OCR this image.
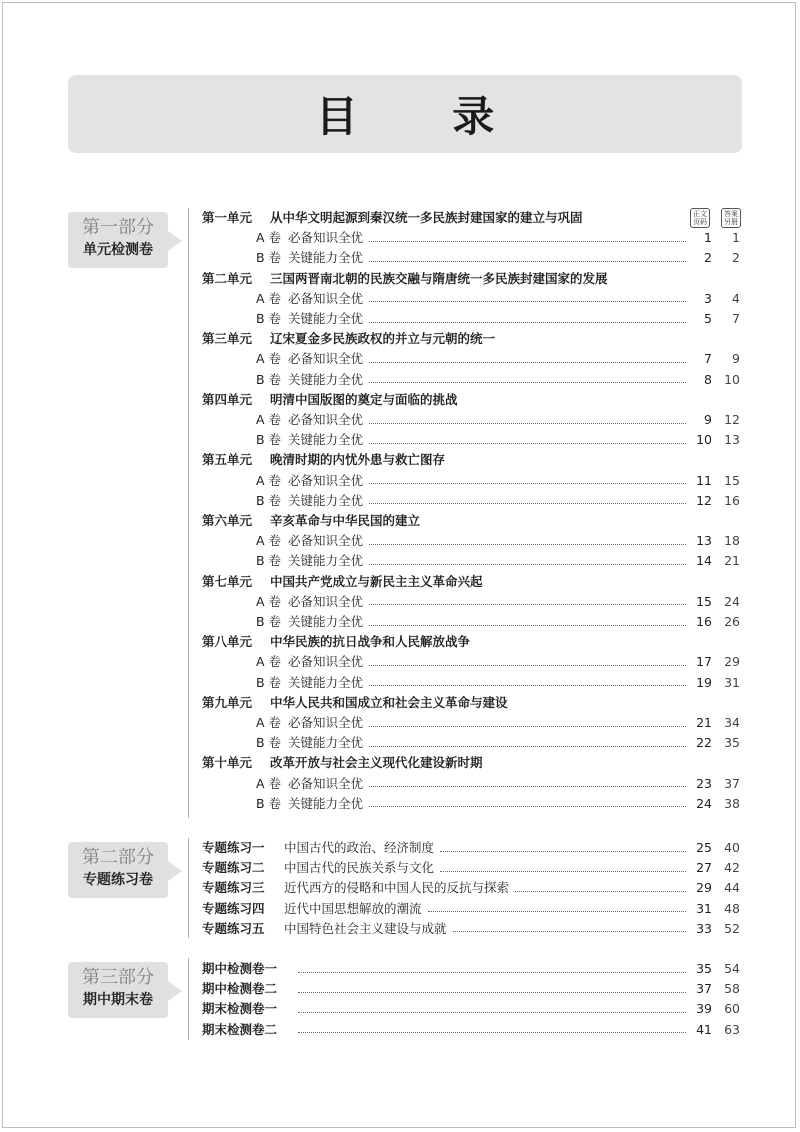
目 录
正文页码
答案另册
第一部分
单元检测卷
第二部分
专题练习卷
第三部分
期中期末卷
第一单元	从中华文明起源到秦汉统一多民族封建国家的建立与巩固
A 卷 必备知识全优	1	1
B 卷 关键能力全优	2	2
第二单元	三国两晋南北朝的民族交融与隋唐统一多民族封建国家的发展
A 卷 必备知识全优	3	4
B 卷 关键能力全优	5	7
第三单元	辽宋夏金多民族政权的并立与元朝的统一
A 卷 必备知识全优	7	9
B 卷 关键能力全优	8 10
第四单元	明清中国版图的奠定与面临的挑战
A 卷 必备知识全优	9 12
B 卷 关键能力全优	10 13
第五单元	晚清时期的内忧外患与救亡图存
A 卷 必备知识全优	11 15
B 卷 关键能力全优	12 16
第六单元	辛亥革命与中华民国的建立
A 卷 必备知识全优	13 18
B 卷 关键能力全优	14 21
第七单元	中国共产党成立与新民主主义革命兴起
A 卷 必备知识全优	15 24
B 卷 关键能力全优	16 26
第八单元	中华民族的抗日战争和人民解放战争
A 卷 必备知识全优	17 29
B 卷 关键能力全优	19 31
第九单元	中华人民共和国成立和社会主义革命与建设
A 卷 必备知识全优	21 34
B 卷 关键能力全优	22 35
第十单元	改革开放与社会主义现代化建设新时期
A 卷 必备知识全优	23 37
B 卷 关键能力全优	24 38
专题练习一	中国古代的政治、经济制度	25 40
专题练习二	中国古代的民族关系与文化	27 42
专题练习三	近代西方的侵略和中国人民的反抗与探索	29 44
专题练习四	近代中国思想解放的潮流	31 48
专题练习五	中国特色社会主义建设与成就	33 52
期中检测卷一	35 54
期中检测卷二	37 58
期末检测卷一	39 60
期末检测卷二	41 63
